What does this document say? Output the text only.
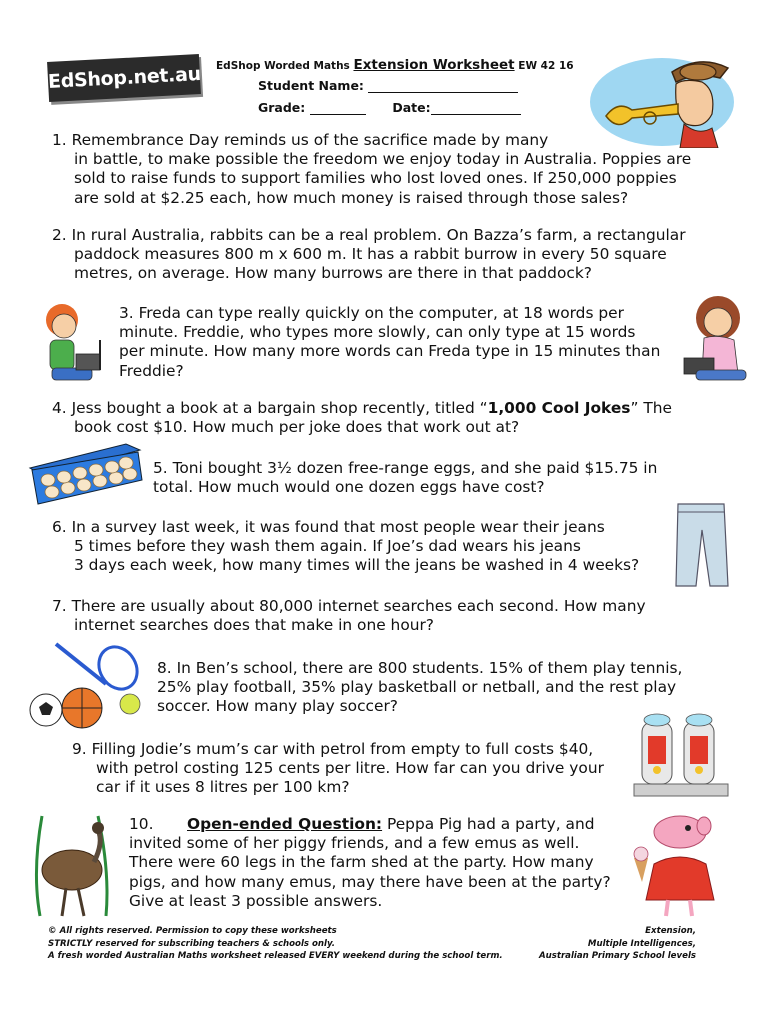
EdShop.net.au EdShop Worded Maths Extension Worksheet EW 42 16
Student Name:
Grade:	Date:

1. Remembrance Day reminds us of the sacrifice made by many

in battle, to make possible the freedom we enjoy today in Australia. Poppies are

sold to raise funds to support families who lost loved ones. If 250,000 poppies

are sold at $2.25 each, how much money is raised through those sales?

2. In rural Australia, rabbits can be a real problem. On Bazza’s farm, a rectangular

paddock measures 800 m x 600 m. It has a rabbit burrow in every 50 square

metres, on average. How many burrows are there in that paddock?

3. Freda can type really quickly on the computer, at 18 words per

minute. Freddie, who types more slowly, can only type at 15 words

per minute. How many more words can Freda type in 15 minutes than

Freddie?

4. Jess bought a book at a bargain shop recently, titled “1,000 Cool Jokes” The

book cost $10. How much per joke does that work out at?

5. Toni bought 3½ dozen free-range eggs, and she paid $15.75 in

total. How much would one dozen eggs have cost?

6. In a survey last week, it was found that most people wear their jeans

5 times before they wash them again. If Joe’s dad wears his jeans

3 days each week, how many times will the jeans be washed in 4 weeks?

7. There are usually about 80,000 internet searches each second. How many

internet searches does that make in one hour?

8. In Ben’s school, there are 800 students. 15% of them play tennis,

25% play football, 35% play basketball or netball, and the rest play

soccer. How many play soccer?

9. Filling Jodie’s mum’s car with petrol from empty to full costs $40,

with petrol costing 125 cents per litre. How far can you drive your

car if it uses 8 litres per 100 km?

10. Open-ended Question: Peppa Pig had a party, and

invited some of her piggy friends, and a few emus as well.

There were 60 legs in the farm shed at the party. How many

pigs, and how many emus, may there have been at the party?

Give at least 3 possible answers.

© All rights reserved. Permission to copy these worksheets
STRICTLY reserved for subscribing teachers & schools only.
A fresh worded Australian Maths worksheet released EVERY weekend during the school term.
Extension,
Multiple Intelligences,
Australian Primary School levels
